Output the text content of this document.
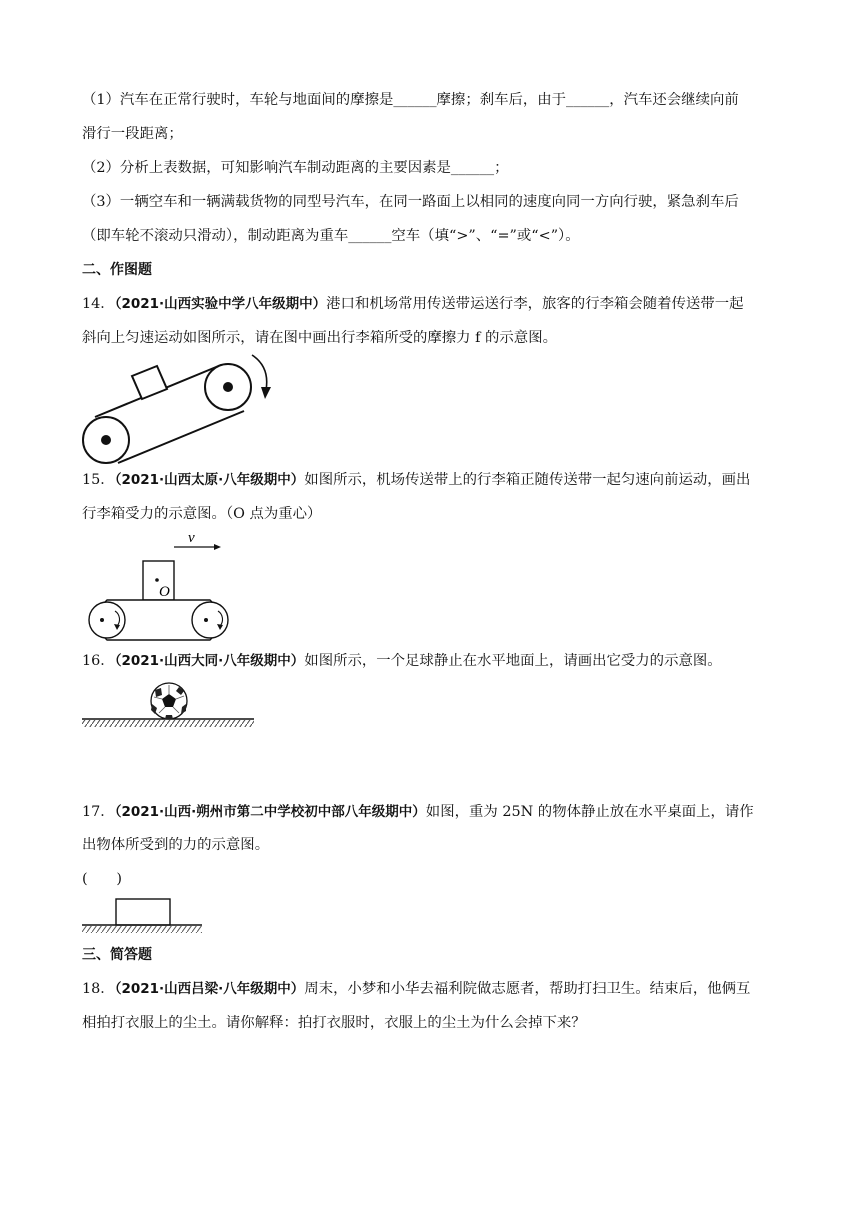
（1）汽车在正常行驶时，车轮与地面间的摩擦是______摩擦；刹车后，由于______，汽车还会继续向前
滑行一段距离；
（2）分析上表数据，可知影响汽车制动距离的主要因素是______；
（3）一辆空车和一辆满载货物的同型号汽车，在同一路面上以相同的速度向同一方向行驶，紧急刹车后
（即车轮不滚动只滑动），制动距离为重车______空车（填“>”、“=”或“<”）。
二、作图题
14．（2021·山西实验中学八年级期中）港口和机场常用传送带运送行李，旅客的行李箱会随着传送带一起
斜向上匀速运动如图所示，请在图中画出行李箱所受的摩擦力 f 的示意图。
15．（2021·山西太原·八年级期中）如图所示，机场传送带上的行李箱正随传送带一起匀速向前运动，画出
行李箱受力的示意图。（O 点为重心）
v
O
16．（2021·山西大同·八年级期中）如图所示，一个足球静止在水平地面上，请画出它受力的示意图。
17．（2021·山西·朔州市第二中学校初中部八年级期中）如图，重为 25N 的物体静止放在水平桌面上，请作
出物体所受到的力的示意图。
(　　)
三、简答题
18．（2021·山西吕梁·八年级期中）周末，小梦和小华去福利院做志愿者，帮助打扫卫生。结束后，他俩互
相拍打衣服上的尘土。请你解释：拍打衣服时，衣服上的尘土为什么会掉下来？
